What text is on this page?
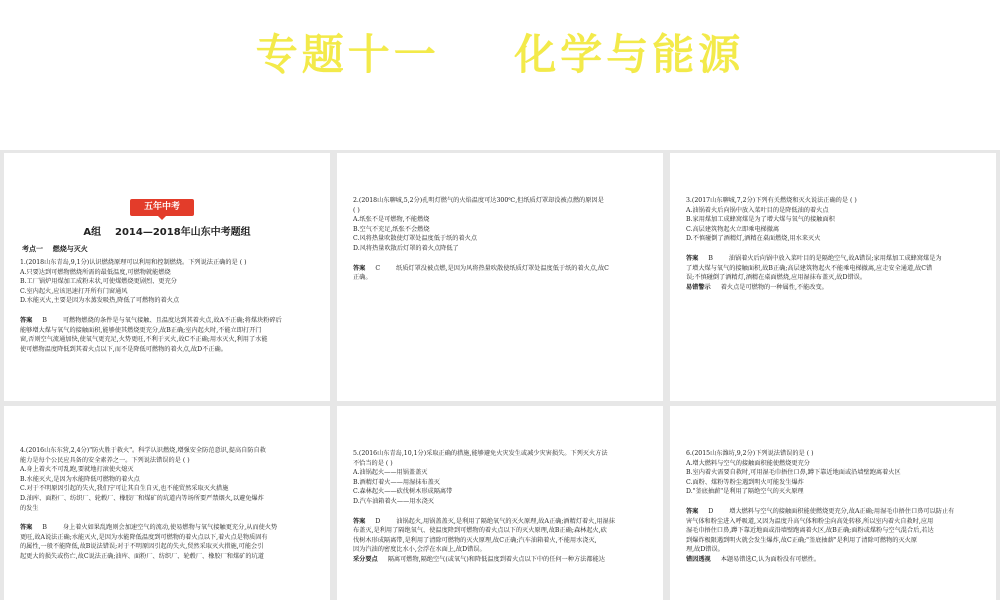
专题十一    化学与能源
五年中考
A组    2014—2018年山东中考题组
考点一    燃烧与灭火
1.(2018山东青岛,9,1分)认识燃烧原理可以利用和控制燃烧。下列说法正确的是 ( )
A.只要达到可燃物燃烧所需的最低温度,可燃物就能燃烧
B.工厂锅炉用煤加工成粉末状,可使煤燃烧更剧烈、更充分
C.室内起火,应该迅速打开所有门窗通风
D.水能灭火,主要是因为水蒸发吸热,降低了可燃物的着火点
答案 B	可燃物燃烧的条件是与氧气接触、且温度达到其着火点,故A不正确;将煤块粉碎后
能够增大煤与氧气的接触面积,能够使其燃烧更充分,故B正确;室内起火时,不能立即打开门
窗,否则空气流通加快,使氧气更充足,火势更旺,不利于灭火,故C不正确;用水灭火,利用了水能
使可燃物温度降低到其着火点以下,而不是降低可燃物的着火点,故D不正确。
2.(2018山东聊城,5,2分)孔明灯燃气的火焰温度可达300℃,但纸质灯罩却没被点燃的原因是
( )
A.纸张不是可燃物,不能燃烧
B.空气不充足,纸张不会燃烧
C.风将热量吹散使灯罩处温度低于纸的着火点
D.风将热量吹散后灯罩的着火点降低了
答案 C	纸质灯罩没被点燃,是因为风将热量吹散使纸质灯罩处温度低于纸的着火点,故C
正确。
3.(2017山东聊城,7,2分)下列有关燃烧和灭火说法正确的是 ( )
A.油锅着火后向锅中放入菜叶目的是降低油的着火点
B.家用煤加工成蜂窝煤是为了增大煤与氧气的接触面积
C.高层建筑物起火立即乘电梯撤离
D.不慎碰倒了酒精灯,酒精在桌面燃烧,用水来灭火
答案 B	油锅着火后向锅中放入菜叶目的是隔绝空气,故A错误;家用煤加工成蜂窝煤是为
了增大煤与氧气的接触面积,故B正确;高层建筑物起火不能乘电梯撤离,应走安全通道,故C错
误;不慎碰倒了酒精灯,酒精在桌面燃烧,应用湿抹布盖灭,故D错误。
易错警示 着火点是可燃物的一种属性,不能改变。
4.(2016山东东营,2,4分)"防火胜于救火"。科学认识燃烧,增强安全防范意识,提高自防自救
能力是每个公民应具备的安全素养之一。下列说法错误的是 ( )
A.身上着火不可乱跑,要就地打滚使火熄灭
B.水能灭火,是因为水能降低可燃物的着火点
C.对于不明原因引起的失火,我们宁可让其自生自灭,也不能贸然采取灭火措施
D.油库、面粉厂、纺织厂、轮毂厂、橡胶厂和煤矿的坑道内等场所要严禁烟火,以避免爆炸
的发生
答案 B	身上着火如果乱跑则会加速空气的流动,使易燃物与氧气接触更充分,从而使火势
更旺,故A说法正确;水能灭火,是因为水能降低温度到可燃物的着火点以下,着火点是物质固有
的属性,一般不能降低,故B说法错误;对于不明原因引起的失火,贸然采取灭火措施,可能会引
起更大的损失或伤亡,故C说法正确;油库、面粉厂、纺织厂、轮毂厂、橡胶厂和煤矿的坑道
5.(2016山东青岛,10,1分)采取正确的措施,能够避免火灾发生或减少灾害损失。下列灭火方法
不恰当的是 ( )
A.油锅起火——用锅盖盖灭
B.酒精灯着火——用湿抹布盖灭
C.森林起火——砍伐树木形成隔离带
D.汽车油箱着火——用水浇灭
答案 D	油锅起火,用锅盖盖灭,是利用了隔绝氧气的灭火原理,故A正确;酒精灯着火,用湿抹
布盖灭,是利用了隔绝氧气、使温度降到可燃物的着火点以下的灭火原理,故B正确;森林起火,砍
伐树木形成隔离带,是利用了清除可燃物的灭火原理,故C正确;汽车油箱着火,不能用水浇灭,
因为汽油的密度比水小,会浮在水面上,故D错误。
采分要点 隔离可燃物,隔绝空气(或氧气)和降低温度到着火点以下中的任何一种方法都能达
6.(2015山东潍坊,9,2分)下列说法错误的是 ( )
A.增大燃料与空气的接触面积能使燃烧更充分
B.室内着火需要自救时,可用湿毛巾捂住口鼻,蹲下靠近地面或沿墙壁跑离着火区
C.面粉、煤粉等粉尘遇到明火可能发生爆炸
D."釜底抽薪"是利用了隔绝空气的灭火原理
答案 D	增大燃料与空气的接触面积能使燃烧更充分,故A正确;用湿毛巾捂住口鼻可以防止有
害气体和粉尘进入呼吸道,又因为温度升高气体和粉尘向高处转移,所以室内着火自救时,应用
湿毛巾捂住口鼻,蹲下靠近地面或沿墙壁跑离着火区,故B正确;面粉或煤粉与空气混合后,若达
到爆炸极限遇到明火就会发生爆炸,故C正确;"釜底抽薪"是利用了清除可燃物的灭火原
理,故D错误。
错因透视 本题易错选C,认为面粉没有可燃性。
